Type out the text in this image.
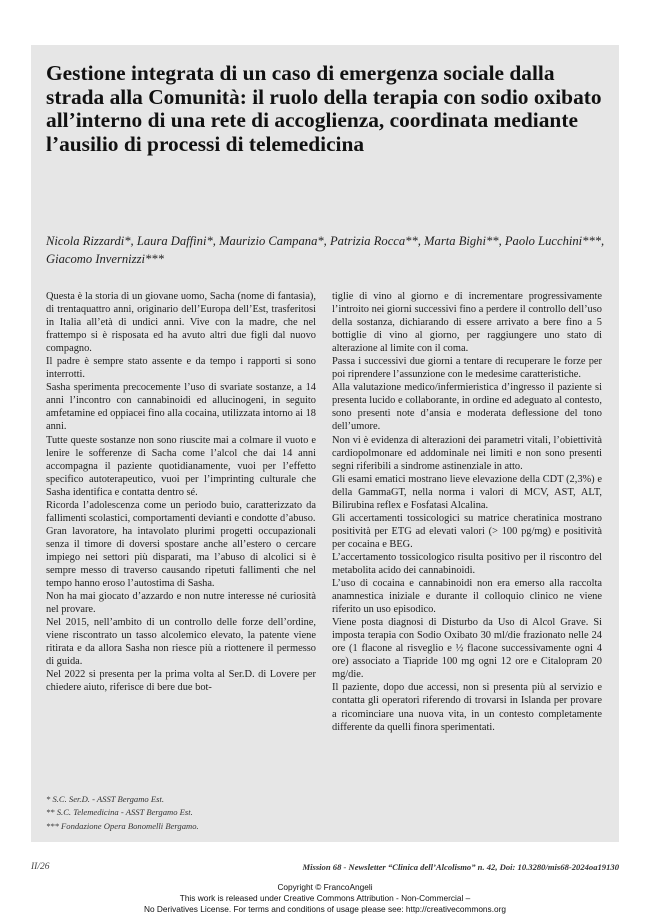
Gestione integrata di un caso di emergenza sociale dalla strada alla Comunità: il ruolo della terapia con sodio oxibato all’interno di una rete di accoglienza, coordinata mediante l’ausilio di processi di telemedicina

Nicola Rizzardi*, Laura Daffini*, Maurizio Campana*, Patrizia Rocca**, Marta Bighi**, Paolo Lucchini***, Giacomo Invernizzi***

Questa è la storia di un giovane uomo, Sacha (nome di fantasia), di trentaquattro anni, originario dell’Europa dell’Est, trasferitosi in Italia all’età di undici anni. Vive con la madre, che nel frattempo si è risposata ed ha avuto altri due figli dal nuovo compagno.

Il padre è sempre stato assente e da tempo i rapporti si sono interrotti.

Sasha sperimenta precocemente l’uso di svariate sostanze, a 14 anni l’incontro con cannabinoidi ed allucinogeni, in seguito amfetamine ed oppiacei fino alla cocaina, utilizzata intorno ai 18 anni.

Tutte queste sostanze non sono riuscite mai a colmare il vuoto e lenire le sofferenze di Sacha come l’alcol che dai 14 anni accompagna il paziente quotidianamente, vuoi per l’effetto specifico autoterapeutico, vuoi per l’imprinting culturale che Sasha identifica e contatta dentro sé.

Ricorda l’adolescenza come un periodo buio, caratterizzato da fallimenti scolastici, comportamenti devianti e condotte d’abuso.

Gran lavoratore, ha intavolato plurimi progetti occupazionali senza il timore di doversi spostare anche all’estero o cercare impiego nei settori più disparati, ma l’abuso di alcolici si è sempre messo di traverso causando ripetuti fallimenti che nel tempo hanno eroso l’autostima di Sasha.

Non ha mai giocato d’azzardo e non nutre interesse né curiosità nel provare.

Nel 2015, nell’ambito di un controllo delle forze dell’ordine, viene riscontrato un tasso alcolemico elevato, la patente viene ritirata e da allora Sasha non riesce più a riottenere il permesso di guida.

Nel 2022 si presenta per la prima volta al Ser.D. di Lovere per chiedere aiuto, riferisce di bere due bot-

tiglie di vino al giorno e di incrementare progressivamente l’introito nei giorni successivi fino a perdere il controllo dell’uso della sostanza, dichiarando di essere arrivato a bere fino a 5 bottiglie di vino al giorno, per raggiungere uno stato di alterazione al limite con il coma.

Passa i successivi due giorni a tentare di recuperare le forze per poi riprendere l’assunzione con le medesime caratteristiche.

Alla valutazione medico/infermieristica d’ingresso il paziente si presenta lucido e collaborante, in ordine ed adeguato al contesto, sono presenti note d’ansia e moderata deflessione del tono dell’umore.

Non vi è evidenza di alterazioni dei parametri vitali, l’obiettività cardiopolmonare ed addominale nei limiti e non sono presenti segni riferibili a sindrome astinenziale in atto.

Gli esami ematici mostrano lieve elevazione della CDT (2,3%) e della GammaGT, nella norma i valori di MCV, AST, ALT, Bilirubina reflex e Fosfatasi Alcalina.

Gli accertamenti tossicologici su matrice cheratinica mostrano positività per ETG ad elevati valori (> 100 pg/mg) e positività per cocaina e BEG.

L’accertamento tossicologico risulta positivo per il riscontro del metabolita acido dei cannabinoidi.

L’uso di cocaina e cannabinoidi non era emerso alla raccolta anamnestica iniziale e durante il colloquio clinico ne viene riferito un uso episodico.

Viene posta diagnosi di Disturbo da Uso di Alcol Grave. Si imposta terapia con Sodio Oxibato 30 ml/die frazionato nelle 24 ore (1 flacone al risveglio e ½ flacone successivamente ogni 4 ore) associato a Tiapride 100 mg ogni 12 ore e Citalopram 20 mg/die.

Il paziente, dopo due accessi, non si presenta più al servizio e contatta gli operatori riferendo di trovarsi in Islanda per provare a ricominciare una nuova vita, in un contesto completamente differente da quelli finora sperimentati.

* S.C. Ser.D. - ASST Bergamo Est.
** S.C. Telemedicina - ASST Bergamo Est.
*** Fondazione Opera Bonomelli Bergamo.
II/26	Mission 68 - Newsletter “Clinica dell’Alcolismo” n. 42, Doi: 10.3280/mis68-2024oa19130
Copyright © FrancoAngeli
This work is released under Creative Commons Attribution - Non-Commercial –
No Derivatives License. For terms and conditions of usage please see: http://creativecommons.org
